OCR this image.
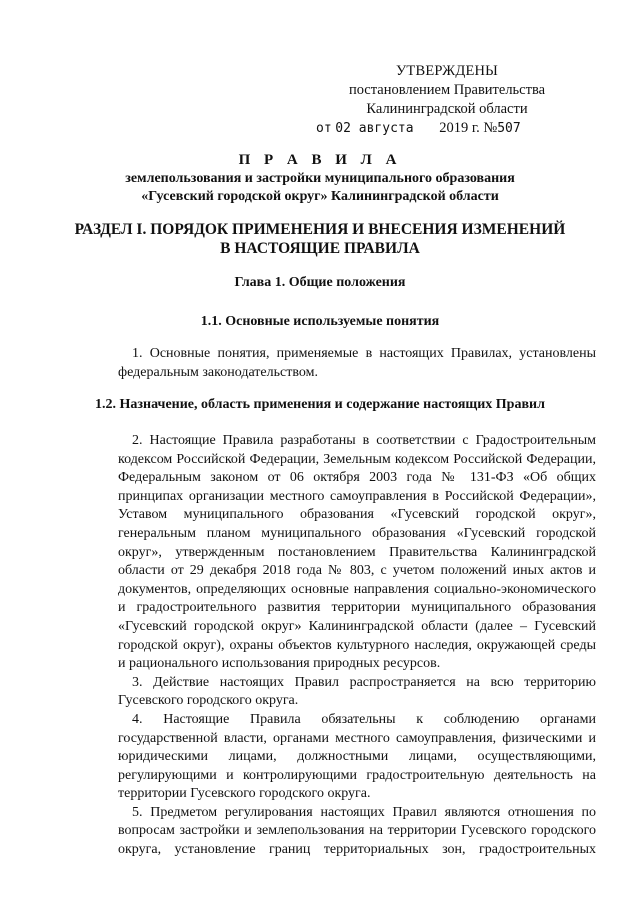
УТВЕРЖДЕНЫ
постановлением Правительства
Калининградской области
от 02 августа 2019 г. №507
П Р А В И Л А
землепользования и застройки муниципального образования
«Гусевский городской округ» Калининградской области
РАЗДЕЛ I. ПОРЯДОК ПРИМЕНЕНИЯ И ВНЕСЕНИЯ ИЗМЕНЕНИЙ
В НАСТОЯЩИЕ ПРАВИЛА
Глава 1. Общие положения
1.1. Основные используемые понятия

1. Основные понятия, применяемые в настоящих Правилах, установлены федеральным законодательством.

1.2. Назначение, область применения и содержание настоящих Правил

2. Настоящие Правила разработаны в соответствии с Градостроительным кодексом Российской Федерации, Земельным кодексом Российской Федерации, Федеральным законом от 06 октября 2003 года № 131-ФЗ «Об общих принципах организации местного самоуправления в Российской Федерации», Уставом муниципального образования «Гусевский городской округ», генеральным планом муниципального образования «Гусевский городской округ», утвержденным постановлением Правительства Калининградской области от 29 декабря 2018 года № 803, с учетом положений иных актов и документов, определяющих основные направления социально-экономического и градостроительного развития территории муниципального образования «Гусевский городской округ» Калининградской области (далее – Гусевский городской округ), охраны объектов культурного наследия, окружающей среды и рационального использования природных ресурсов.

3. Действие настоящих Правил распространяется на всю территорию Гусевского городского округа.

4. Настоящие Правила обязательны к соблюдению органами государственной власти, органами местного самоуправления, физическими и юридическими лицами, должностными лицами, осуществляющими, регулирующими и контролирующими градостроительную деятельность на территории Гусевского городского округа.

5. Предметом регулирования настоящих Правил являются отношения по вопросам застройки и землепользования на территории Гусевского городского округа, установление границ территориальных зон, градостроительных
